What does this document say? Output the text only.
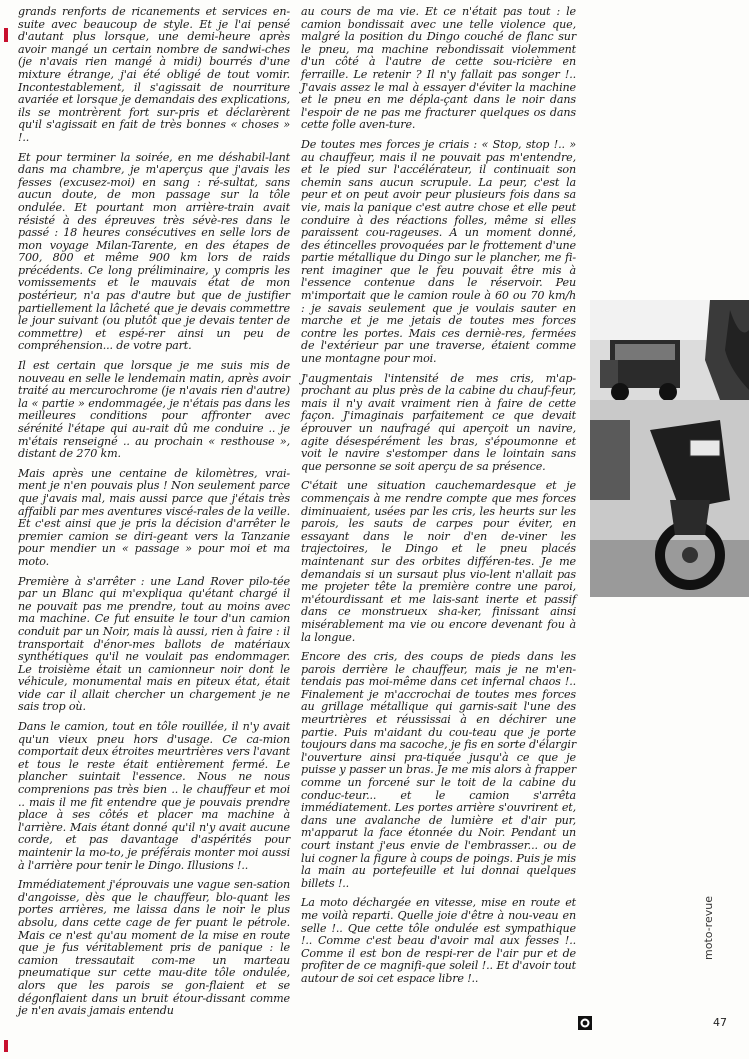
grands renforts de ricanements et services en-suite avec beaucoup de style. Et je l'ai pensé d'autant plus lorsque, une demi-heure après avoir mangé un certain nombre de sandwi-ches (je n'avais rien mangé à midi) bourrés d'une mixture étrange, j'ai été obligé de tout vomir. Incontestablement, il s'agissait de nourriture avariée et lorsque je demandais des explications, ils se montrèrent fort sur-pris et déclarèrent qu'il s'agissait en fait de très bonnes « choses » !..

Et pour terminer la soirée, en me déshabil-lant dans ma chambre, je m'aperçus que j'avais les fesses (excusez-moi) en sang : ré-sultat, sans aucun doute, de mon passage sur la tôle ondulée. Et pourtant mon arrière-train avait résisté à des épreuves très sévè-res dans le passé : 18 heures consécutives en selle lors de mon voyage Milan-Tarente, en des étapes de 700, 800 et même 900 km lors de raids précédents. Ce long préliminaire, y compris les vomissements et le mauvais état de mon postérieur, n'a pas d'autre but que de justifier partiellement la lâcheté que je devais commettre le jour suivant (ou plutôt que je devais tenter de commettre) et espé-rer ainsi un peu de compréhension... de votre part.

Il est certain que lorsque je me suis mis de nouveau en selle le lendemain matin, après avoir traité au mercurochrome (je n'avais rien d'autre) la « partie » endommagée, je n'étais pas dans les meilleures conditions pour affronter avec sérénité l'étape qui au-rait dû me conduire .. je m'étais renseigné .. au prochain « resthouse », distant de 270 km.

Mais après une centaine de kilomètres, vrai-ment je n'en pouvais plus ! Non seulement parce que j'avais mal, mais aussi parce que j'étais très affaibli par mes aventures viscé-rales de la veille. Et c'est ainsi que je pris la décision d'arrêter le premier camion se diri-geant vers la Tanzanie pour mendier un « passage » pour moi et ma moto.

Première à s'arrêter : une Land Rover pilo-tée par un Blanc qui m'expliqua qu'étant chargé il ne pouvait pas me prendre, tout au moins avec ma machine. Ce fut ensuite le tour d'un camion conduit par un Noir, mais là aussi, rien à faire : il transportait d'énor-mes ballots de matériaux synthétiques qu'il ne voulait pas endommager. Le troisième était un camionneur noir dont le véhicule, monumental mais en piteux état, était vide car il allait chercher un chargement je ne sais trop où.

Dans le camion, tout en tôle rouillée, il n'y avait qu'un vieux pneu hors d'usage. Ce ca-mion comportait deux étroites meurtrières vers l'avant et tous le reste était entièrement fermé. Le plancher suintait l'essence. Nous ne nous comprenions pas très bien .. le chauffeur et moi .. mais il me fit entendre que je pouvais prendre place à ses côtés et placer ma machine à l'arrière. Mais étant donné qu'il n'y avait aucune corde, et pas davantage d'aspérités pour maintenir la mo-to, je préférais monter moi aussi à l'arrière pour tenir le Dingo. Illusions !..

Immédiatement j'éprouvais une vague sen-sation d'angoisse, dès que le chauffeur, blo-quant les portes arrières, me laissa dans le noir le plus absolu, dans cette cage de fer puant le pétrole. Mais ce n'est qu'au moment de la mise en route que je fus véritablement pris de panique : le camion tressautait com-me un marteau pneumatique sur cette mau-dite tôle ondulée, alors que les parois se gon-flaient et se dégonflaient dans un bruit étour-dissant comme je n'en avais jamais entendu

au cours de ma vie. Et ce n'était pas tout : le camion bondissait avec une telle violence que, malgré la position du Dingo couché de flanc sur le pneu, ma machine rebondissait violemment d'un côté à l'autre de cette sou-ricière en ferraille. Le retenir ? Il n'y fallait pas songer !.. J'avais assez le mal à essayer d'éviter la machine et le pneu en me dépla-çant dans le noir dans l'espoir de ne pas me fracturer quelques os dans cette folle aven-ture.

De toutes mes forces je criais : « Stop, stop !.. » au chauffeur, mais il ne pouvait pas m'entendre, et le pied sur l'accélérateur, il continuait son chemin sans aucun scrupule. La peur, c'est la peur et on peut avoir peur plusieurs fois dans sa vie, mais la panique c'est autre chose et elle peut conduire à des réactions folles, même si elles paraissent cou-rageuses. A un moment donné, des étincelles provoquées par le frottement d'une partie métallique du Dingo sur le plancher, me fi-rent imaginer que le feu pouvait être mis à l'essence contenue dans le réservoir. Peu m'importait que le camion roule à 60 ou 70 km/h : je savais seulement que je voulais sauter en marche et je me jetais de toutes mes forces contre les portes. Mais ces derniè-res, fermées de l'extérieur par une traverse, étaient comme une montagne pour moi.

J'augmentais l'intensité de mes cris, m'ap-prochant au plus près de la cabine du chauf-feur, mais il n'y avait vraiment rien à faire de cette façon. J'imaginais parfaitement ce que devait éprouver un naufragé qui aperçoit un navire, agite désespérément les bras, s'époumonne et voit le navire s'estomper dans le lointain sans que personne se soit aperçu de sa présence.

C'était une situation cauchemardesque et je commençais à me rendre compte que mes forces diminuaient, usées par les cris, les heurts sur les parois, les sauts de carpes pour éviter, en essayant dans le noir d'en de-viner les trajectoires, le Dingo et le pneu placés maintenant sur des orbites différen-tes. Je me demandais si un sursaut plus vio-lent n'allait pas me projeter tête la première contre une paroi, m'étourdissant et me lais-sant inerte et passif dans ce monstrueux sha-ker, finissant ainsi misérablement ma vie ou encore devenant fou à la longue.

Encore des cris, des coups de pieds dans les parois derrière le chauffeur, mais je ne m'en-tendais pas moi-même dans cet infernal chaos !.. Finalement je m'accrochai de toutes mes forces au grillage métallique qui garnis-sait l'une des meurtrières et réussissai à en déchirer une partie. Puis m'aidant du cou-teau que je porte toujours dans ma sacoche, je fis en sorte d'élargir l'ouverture ainsi pra-tiquée jusqu'à ce que je puisse y passer un bras. Je me mis alors à frapper comme un forcené sur le toit de la cabine du conduc-teur... et le camion s'arrêta immédiatement. Les portes arrière s'ouvrirent et, dans une avalanche de lumière et d'air pur, m'apparut la face étonnée du Noir. Pendant un court instant j'eus envie de l'embrasser... ou de lui cogner la figure à coups de poings. Puis je mis la main au portefeuille et lui donnai quelques billets !..

La moto déchargée en vitesse, mise en route et me voilà reparti. Quelle joie d'être à nou-veau en selle !.. Que cette tôle ondulée est sympathique !.. Comme c'est beau d'avoir mal aux fesses !.. Comme il est bon de respi-rer de l'air pur et de profiter de ce magnifi-que soleil !.. Et d'avoir tout autour de soi cet espace libre !..

moto-revue
47
